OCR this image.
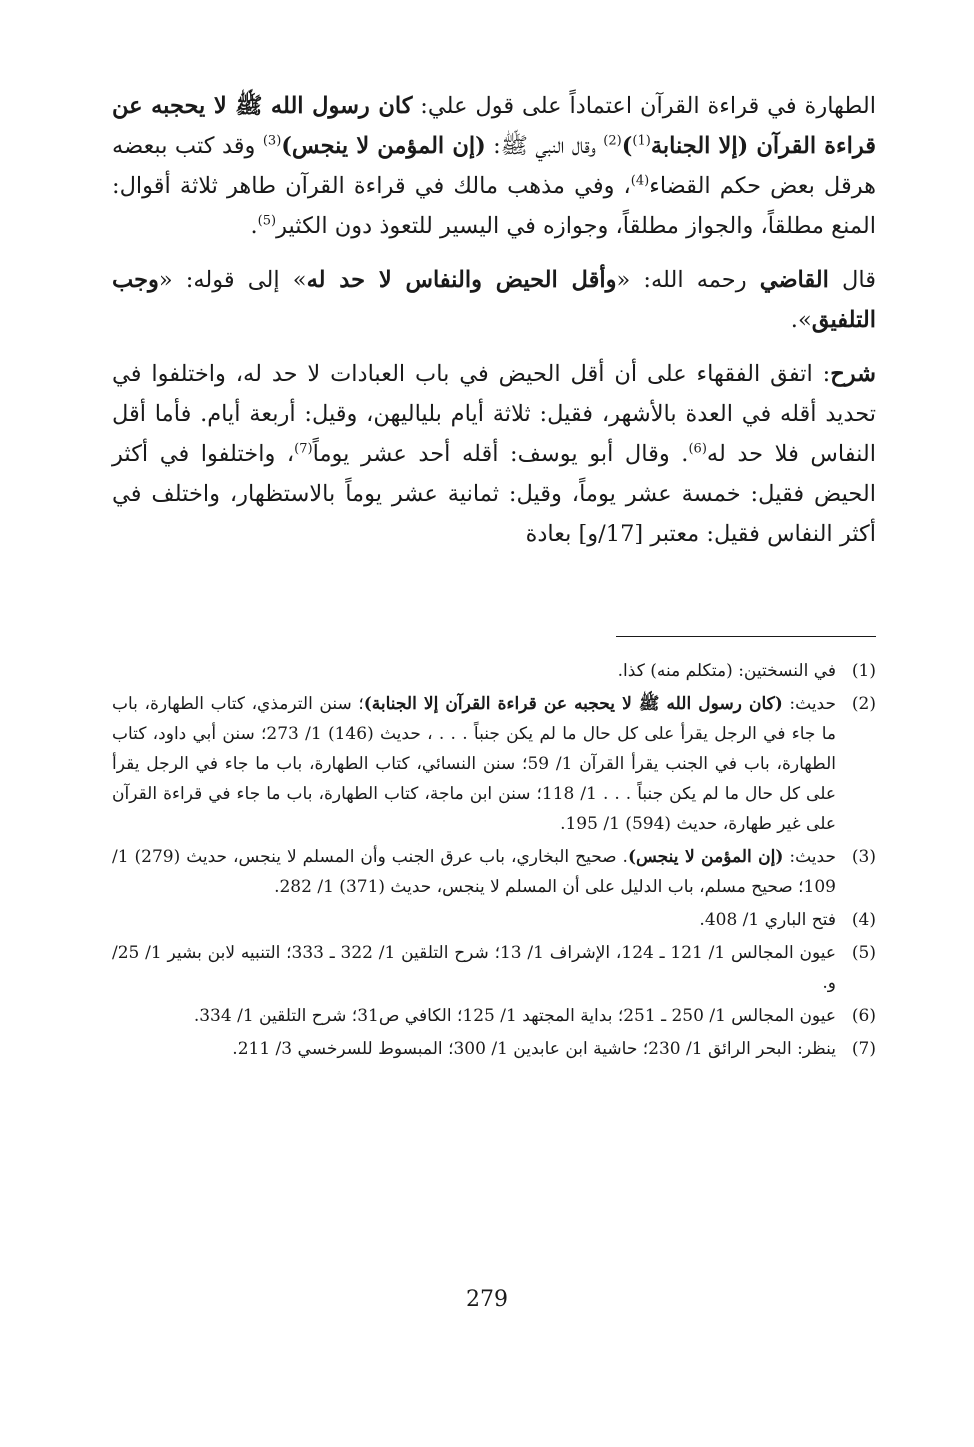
الطهارة في قراءة القرآن اعتماداً على قول علي: كان رسول الله ﷺ لا يحجبه عن قراءة القرآن (إلا الجنابة$^{(1)}$)$^{(2)}$ وقال النبي ﷺ: (إن المؤمن لا ينجس)$^{(3)}$ وقد كتب ببعضه هرقل بعض حكم القضاء$^{(4)}$، وفي مذهب مالك في قراءة القرآن طاهر ثلاثة أقوال: المنع مطلقاً، والجواز مطلقاً، وجوازه في اليسير للتعوذ دون الكثير$^{(5)}$.

قال القاضي رحمه الله: «وأقل الحيض والنفاس لا حد له» إلى قوله: «وجب التلفيق».

شرح: اتفق الفقهاء على أن أقل الحيض في باب العبادات لا حد له، واختلفوا في تحديد أقله في العدة بالأشهر، فقيل: ثلاثة أيام بلياليهن، وقيل: أربعة أيام. فأما أقل النفاس فلا حد له$^{(6)}$. وقال أبو يوسف: أقله أحد عشر يوماً$^{(7)}$، واختلفوا في أكثر الحيض فقيل: خمسة عشر يوماً، وقيل: ثمانية عشر يوماً بالاستظهار، واختلف في أكثر النفاس فقيل: معتبر [17/و] بعادة

(1)
في النسختين: (متكلم منه) كذا.
(2)
حديث: (كان رسول الله ﷺ لا يحجبه عن قراءة القرآن إلا الجنابة)؛ سنن الترمذي، كتاب الطهارة، باب ما جاء في الرجل يقرأ على كل حال ما لم يكن جنباً . . . ، حديث (146) 1/ 273؛ سنن أبي داود، كتاب الطهارة، باب في الجنب يقرأ القرآن 1/ 59؛ سنن النسائي، كتاب الطهارة، باب ما جاء في الرجل يقرأ على كل حال ما لم يكن جنباً . . . 1/ 118؛ سنن ابن ماجة، كتاب الطهارة، باب ما جاء في قراءة القرآن على غير طهارة، حديث (594) 1/ 195.
(3)
حديث: (إن المؤمن لا ينجس). صحيح البخاري، باب عرق الجنب وأن المسلم لا ينجس، حديث (279) 1/ 109؛ صحيح مسلم، باب الدليل على أن المسلم لا ينجس، حديث (371) 1/ 282.
(4)
فتح الباري 1/ 408.
(5)
عيون المجالس 1/ 121 ـ 124، الإشراف 1/ 13؛ شرح التلقين 1/ 322 ـ 333؛ التنبيه لابن بشير 1/ 25/و.
(6)
عيون المجالس 1/ 250 ـ 251؛ بداية المجتهد 1/ 125؛ الكافي ص31؛ شرح التلقين 1/ 334.
(7)
ينظر: البحر الرائق 1/ 230؛ حاشية ابن عابدين 1/ 300؛ المبسوط للسرخسي 3/ 211.
279
